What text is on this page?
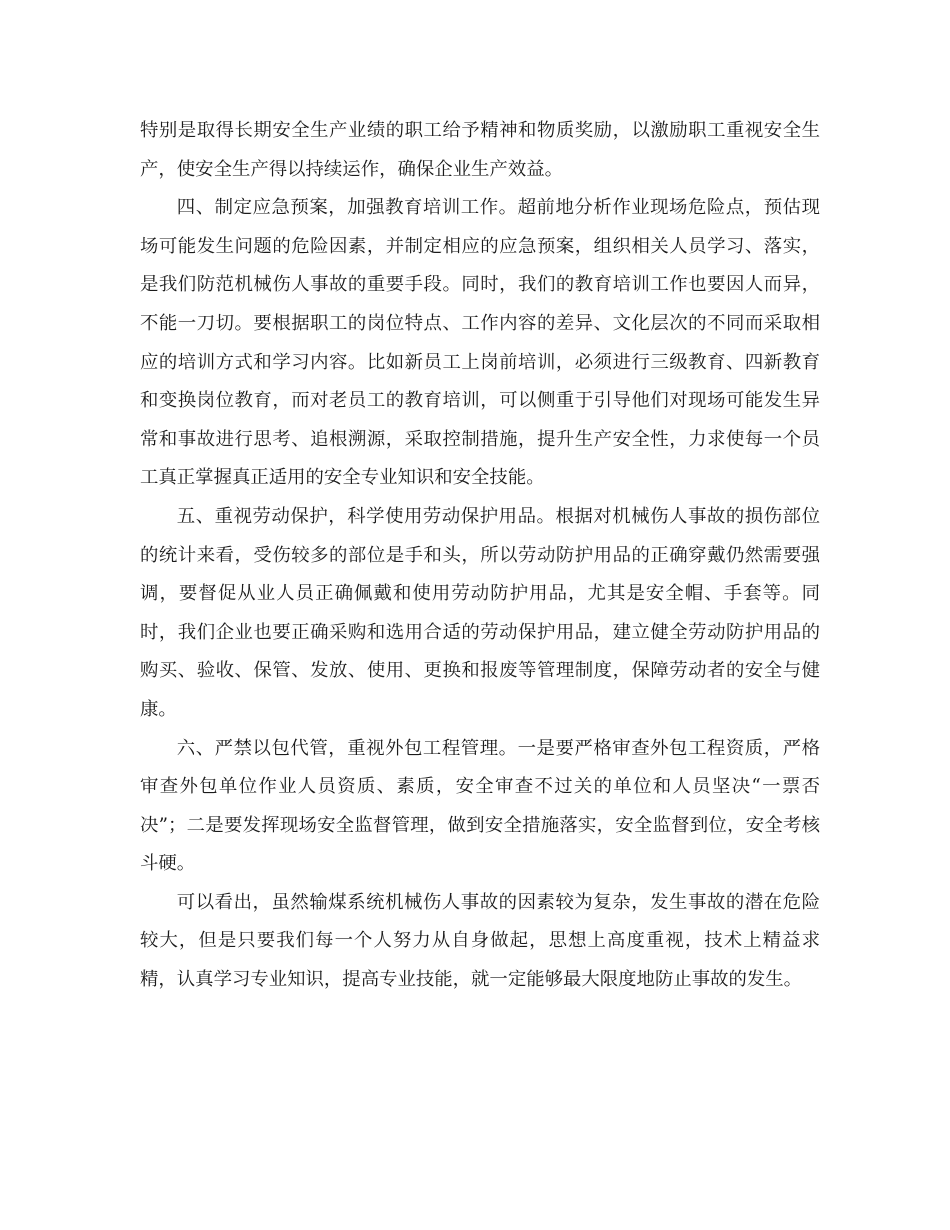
特别是取得长期安全生产业绩的职工给予精神和物质奖励，以激励职工重视安全生产，使安全生产得以持续运作，确保企业生产效益。

四、制定应急预案，加强教育培训工作。超前地分析作业现场危险点，预估现场可能发生问题的危险因素，并制定相应的应急预案，组织相关人员学习、落实，是我们防范机械伤人事故的重要手段。同时，我们的教育培训工作也要因人而异，不能一刀切。要根据职工的岗位特点、工作内容的差异、文化层次的不同而采取相应的培训方式和学习内容。比如新员工上岗前培训，必须进行三级教育、四新教育和变换岗位教育，而对老员工的教育培训，可以侧重于引导他们对现场可能发生异常和事故进行思考、追根溯源，采取控制措施，提升生产安全性，力求使每一个员工真正掌握真正适用的安全专业知识和安全技能。

五、重视劳动保护，科学使用劳动保护用品。根据对机械伤人事故的损伤部位的统计来看，受伤较多的部位是手和头，所以劳动防护用品的正确穿戴仍然需要强调，要督促从业人员正确佩戴和使用劳动防护用品，尤其是安全帽、手套等。同时，我们企业也要正确采购和选用合适的劳动保护用品，建立健全劳动防护用品的购买、验收、保管、发放、使用、更换和报废等管理制度，保障劳动者的安全与健康。

六、严禁以包代管，重视外包工程管理。一是要严格审查外包工程资质，严格审查外包单位作业人员资质、素质，安全审查不过关的单位和人员坚决“一票否决”；二是要发挥现场安全监督管理，做到安全措施落实，安全监督到位，安全考核斗硬。

可以看出，虽然输煤系统机械伤人事故的因素较为复杂，发生事故的潜在危险较大，但是只要我们每一个人努力从自身做起，思想上高度重视，技术上精益求精，认真学习专业知识，提高专业技能，就一定能够最大限度地防止事故的发生。
